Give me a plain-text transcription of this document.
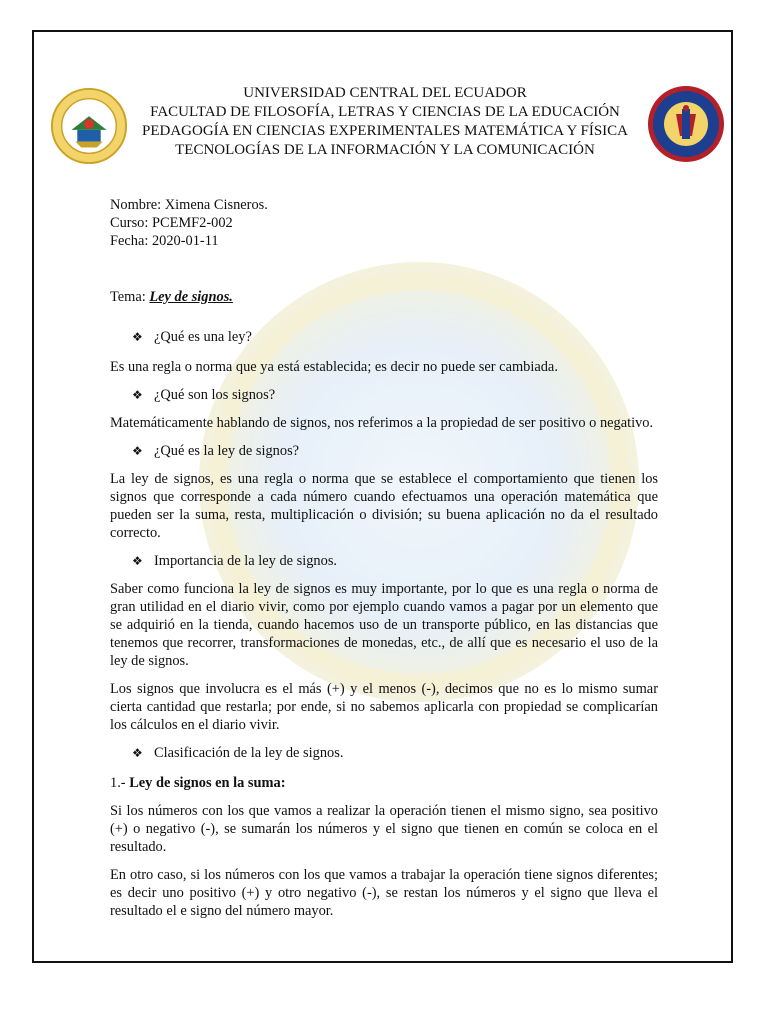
UNIVERSIDAD CENTRAL DEL ECUADOR
FACULTAD DE FILOSOFÍA, LETRAS Y CIENCIAS DE LA EDUCACIÓN
PEDAGOGÍA EN CIENCIAS EXPERIMENTALES MATEMÁTICA Y FÍSICA
TECNOLOGÍAS DE LA INFORMACIÓN Y LA COMUNICACIÓN

Nombre: Ximena Cisneros.

Curso: PCEMF2-002

Fecha: 2020-01-11

Tema: Ley de signos.

❖ ¿Qué es una ley?

Es una regla o norma que ya está establecida; es decir no puede ser cambiada.

❖ ¿Qué son los signos?

Matemáticamente hablando de signos, nos referimos a la propiedad de ser positivo o negativo.

❖ ¿Qué es la ley de signos?

La ley de signos, es una regla o norma que se establece el comportamiento que tienen los signos que corresponde a cada número cuando efectuamos una operación matemática que pueden ser la suma, resta, multiplicación o división; su buena aplicación no da el resultado correcto.

❖ Importancia de la ley de signos.

Saber como funciona la ley de signos es muy importante, por lo que es una regla o norma de gran utilidad en el diario vivir, como por ejemplo cuando vamos a pagar por un elemento que se adquirió en la tienda, cuando hacemos uso de un transporte público, en las distancias que tenemos que recorrer, transformaciones de monedas, etc., de allí que es necesario el uso de la ley de signos.

Los signos que involucra es el más (+) y el menos (-), decimos que no es lo mismo sumar cierta cantidad que restarla; por ende, si no sabemos aplicarla con propiedad se complicarían los cálculos en el diario vivir.

❖ Clasificación de la ley de signos.

1.- Ley de signos en la suma:

Si los números con los que vamos a realizar la operación tienen el mismo signo, sea positivo (+) o negativo (-), se sumarán los números y el signo que tienen en común se coloca en el resultado.

En otro caso, si los números con los que vamos a trabajar la operación tiene signos diferentes; es decir uno positivo (+) y otro negativo (-), se restan los números y el signo que lleva el resultado el e signo del número mayor.
